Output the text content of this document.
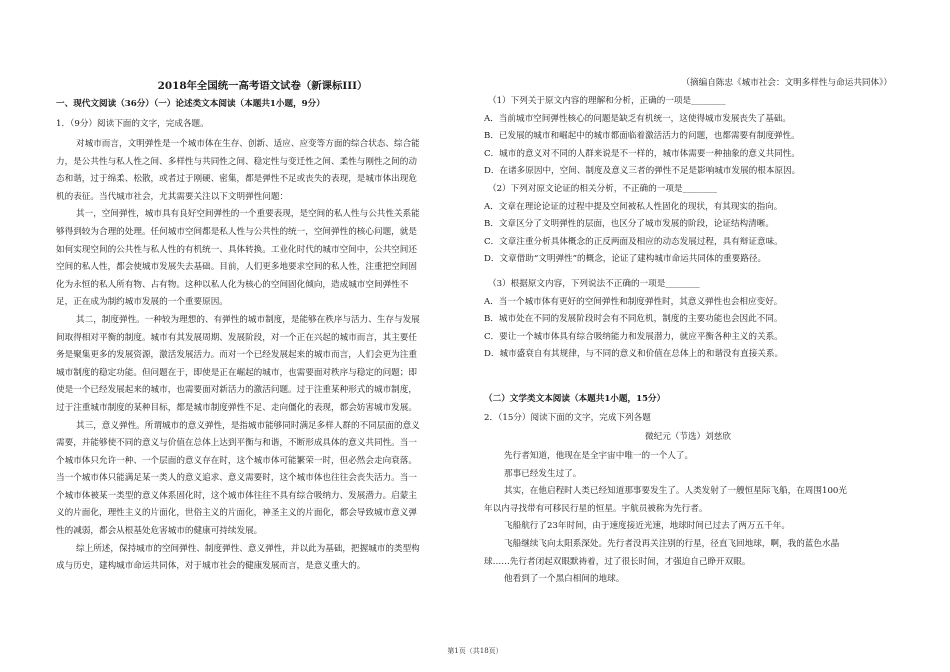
2018年全国统一高考语文试卷（新课标III）

一、现代文阅读（36分）（一）论述类文本阅读（本题共1小题，9分）

1．（9分）阅读下面的文字，完成各题。

对城市而言，文明弹性是一个城市体在生存、创新、适应、应变等方面的综合状态、综合能

力，是公共性与私人性之间、多样性与共同性之间、稳定性与变迁性之间、柔性与刚性之间的动

态和谐，过于绵柔、松散，或者过于刚硬、密集，都是弹性不足或丧失的表现，是城市体出现危

机的表征。当代城市社会，尤其需要关注以下文明弹性问题：

其一，空间弹性，城市具有良好空间弹性的一个重要表现，是空间的私人性与公共性关系能

够得到较为合理的处理。任何城市空间都是私人性与公共性的统一，空间弹性的核心问题，就是

如何实现空间的公共性与私人性的有机统一、具体转换。工业化时代的城市空间中，公共空间还

空间的私人性，都会使城市发展失去基础。目前，人们更多地要求空间的私人性，注重把空间固

化为永恒的私人所有物、占有物。这种以私人化为核心的空间固化倾向，造成城市空间弹性不

足，正在成为制约城市发展的一个重要原因。

其二，制度弹性。一种较为理想的、有弹性的城市制度，是能够在秩序与活力、生存与发展

间取得相对平衡的制度。城市有其发展周期、发展阶段，对一个正在兴起的城市而言，其主要任

务是聚集更多的发展资源，激活发展活力。而对一个已经发展起来的城市而言，人们会更为注重

城市制度的稳定功能。但问题在于，即使是正在崛起的城市，也需要面对秩序与稳定的问题；即

使是一个已经发展起来的城市，也需要面对新活力的激活问题。过于注重某种形式的城市制度，

过于注重城市制度的某种目标，都是城市制度弹性不足、走向僵化的表现，都会妨害城市发展。

其三，意义弹性。所谓城市的意义弹性，是指城市能够同时满足多样人群的不同层面的意义

需要，并能够使不同的意义与价值在总体上达到平衡与和谐，不断形成具体的意义共同性。当一

个城市体只允许一种、一个层面的意义存在时，这个城市体可能繁荣一时，但必然会走向衰落。

当一个城市体只能满足某一类人的意义追求、意义需要时，这个城市体也往往会丧失活力。当一

个城市体被某一类型的意义体系固化时，这个城市体往往不具有综合吸纳力、发展潜力。启蒙主

义的片面化，理性主义的片面化，世俗主义的片面化，神圣主义的片面化，都会导致城市意义弹

性的减弱，都会从根基处危害城市的健康可持续发展。

综上所述，保持城市的空间弹性、制度弹性、意义弹性，并以此为基础，把握城市的类型构

成与历史，建构城市命运共同体，对于城市社会的健康发展而言，是意义重大的。

（摘编自陈忠《城市社会：文明多样性与命运共同体》）

（1）下列关于原文内容的理解和分析，正确的一项是________

A．当前城市空间弹性核心的问题是缺乏有机统一，这使得城市发展丧失了基础。

B．已发展的城市和崛起中的城市都面临着激活活力的问题，也都需要有制度弹性。

C．城市的意义对不同的人群来说是不一样的，城市体需要一种抽象的意义共同性。

D．在诸多原因中，空间、制度及意义三者的弹性不足是影响城市发展的根本原因。

（2）下列对原文论证的相关分析，不正确的一项是________

A．文章在理论论证的过程中提及空间被私人性固化的现状，有其现实的指向。

B．文章区分了文明弹性的层面，也区分了城市发展的阶段，论证结构清晰。

C．文章注重分析具体概念的正反两面及相应的动态发展过程，具有辩证意味。

D．文章借助“文明弹性”的概念，论证了建构城市命运共同体的重要路径。

（3）根据原文内容，下列说法不正确的一项是________

A．当一个城市体有更好的空间弹性和制度弹性时，其意义弹性也会相应变好。

B．城市处在不同的发展阶段时会有不同危机，制度的主要功能也会因此不同。

C．要让一个城市体具有综合吸纳能力和发展潜力，就应平衡各种主义的关系。

D．城市盛衰自有其规律，与不同的意义和价值在总体上的和谐没有直接关系。

（二）文学类文本阅读（本题共1小题，15分）

2．（15分）阅读下面的文字，完成下列各题

微纪元（节选）刘慈欣

先行者知道，他现在是全宇宙中唯一的一个人了。

那事已经发生过了。

其实，在他启程时人类已经知道那事要发生了。人类发射了一艘恒星际飞船，在周围100光

年以内寻找带有可移民行星的恒星。宇航员被称为先行者。

飞船航行了23年时间，由于速度接近光速，地球时间已过去了两万五千年。

飞船继续飞向太阳系深处。先行者没再关注别的行星，径直飞回地球，啊，我的蓝色水晶

球……先行者闭起双眼默祷着，过了很长时间，才强迫自己睁开双眼。

他看到了一个黑白相间的地球。

第1页（共18页）
